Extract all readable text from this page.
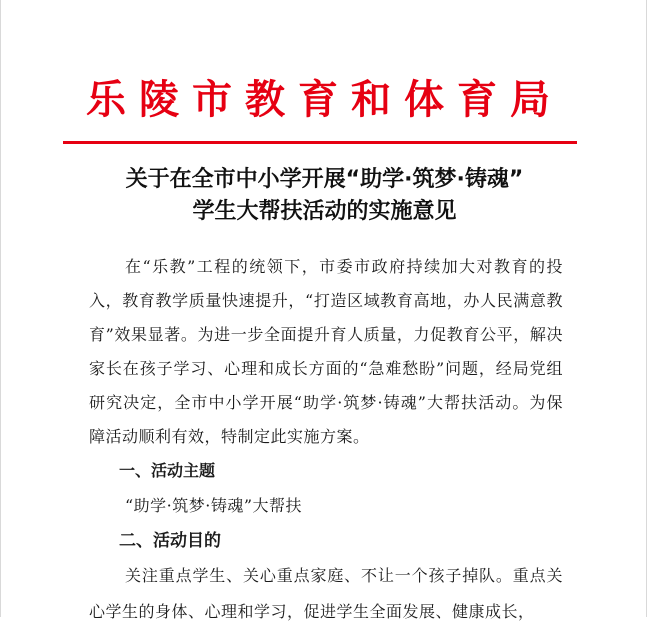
乐陵市教育和体育局
关于在全市中小学开展“助学·筑梦·铸魂”
学生大帮扶活动的实施意见

在“乐教”工程的统领下，市委市政府持续加大对教育的投入，教育教学质量快速提升，“打造区域教育高地，办人民满意教育”效果显著。为进一步全面提升育人质量，力促教育公平，解决家长在孩子学习、心理和成长方面的“急难愁盼”问题，经局党组研究决定，全市中小学开展“助学·筑梦·铸魂”大帮扶活动。为保障活动顺利有效，特制定此实施方案。

一、活动主题

“助学·筑梦·铸魂”大帮扶

二、活动目的

关注重点学生、关心重点家庭、不让一个孩子掉队。重点关心学生的身体、心理和学习，促进学生全面发展、健康成长，
